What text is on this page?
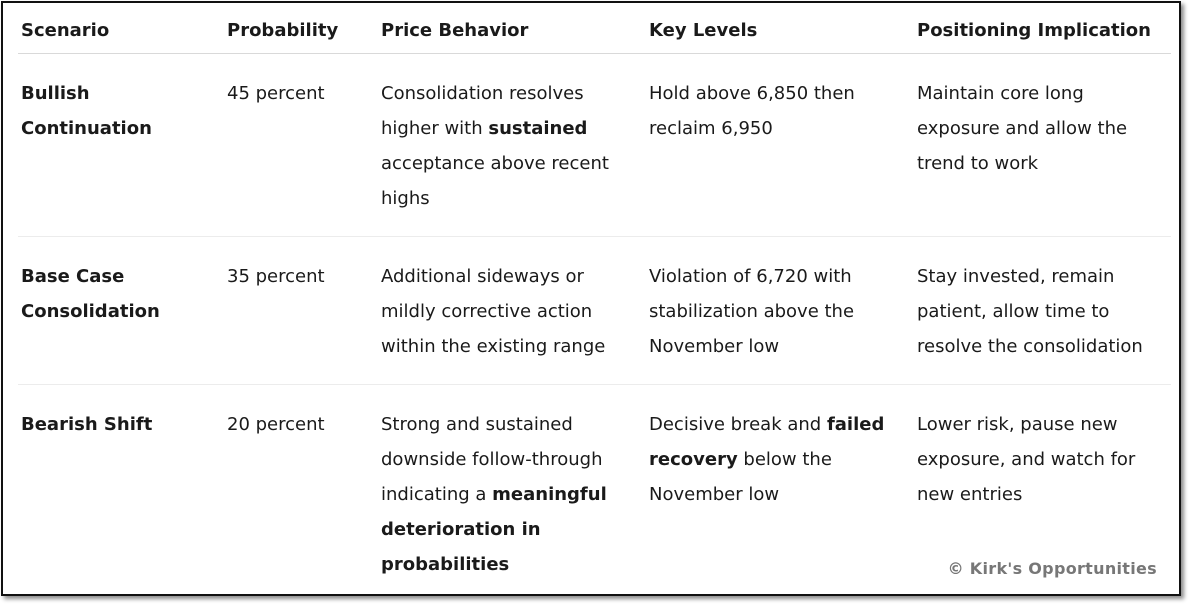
Scenario	Probability	Price Behavior	Key Levels	Positioning Implication
Bullish Continuation	45 percent	Consolidation resolves higher with sustained acceptance above recent highs	Hold above 6,850 then reclaim 6,950	Maintain core long exposure and allow the trend to work
Base Case Consolidation	35 percent	Additional sideways or mildly corrective action within the existing range	Violation of 6,720 with stabilization above the November low	Stay invested, remain patient, allow time to resolve the consolidation
Bearish Shift	20 percent	Strong and sustained downside follow-through indicating a meaningful deterioration in probabilities	Decisive break and failed recovery below the November low	Lower risk, pause new exposure, and watch for new entries
© Kirk's Opportunities
